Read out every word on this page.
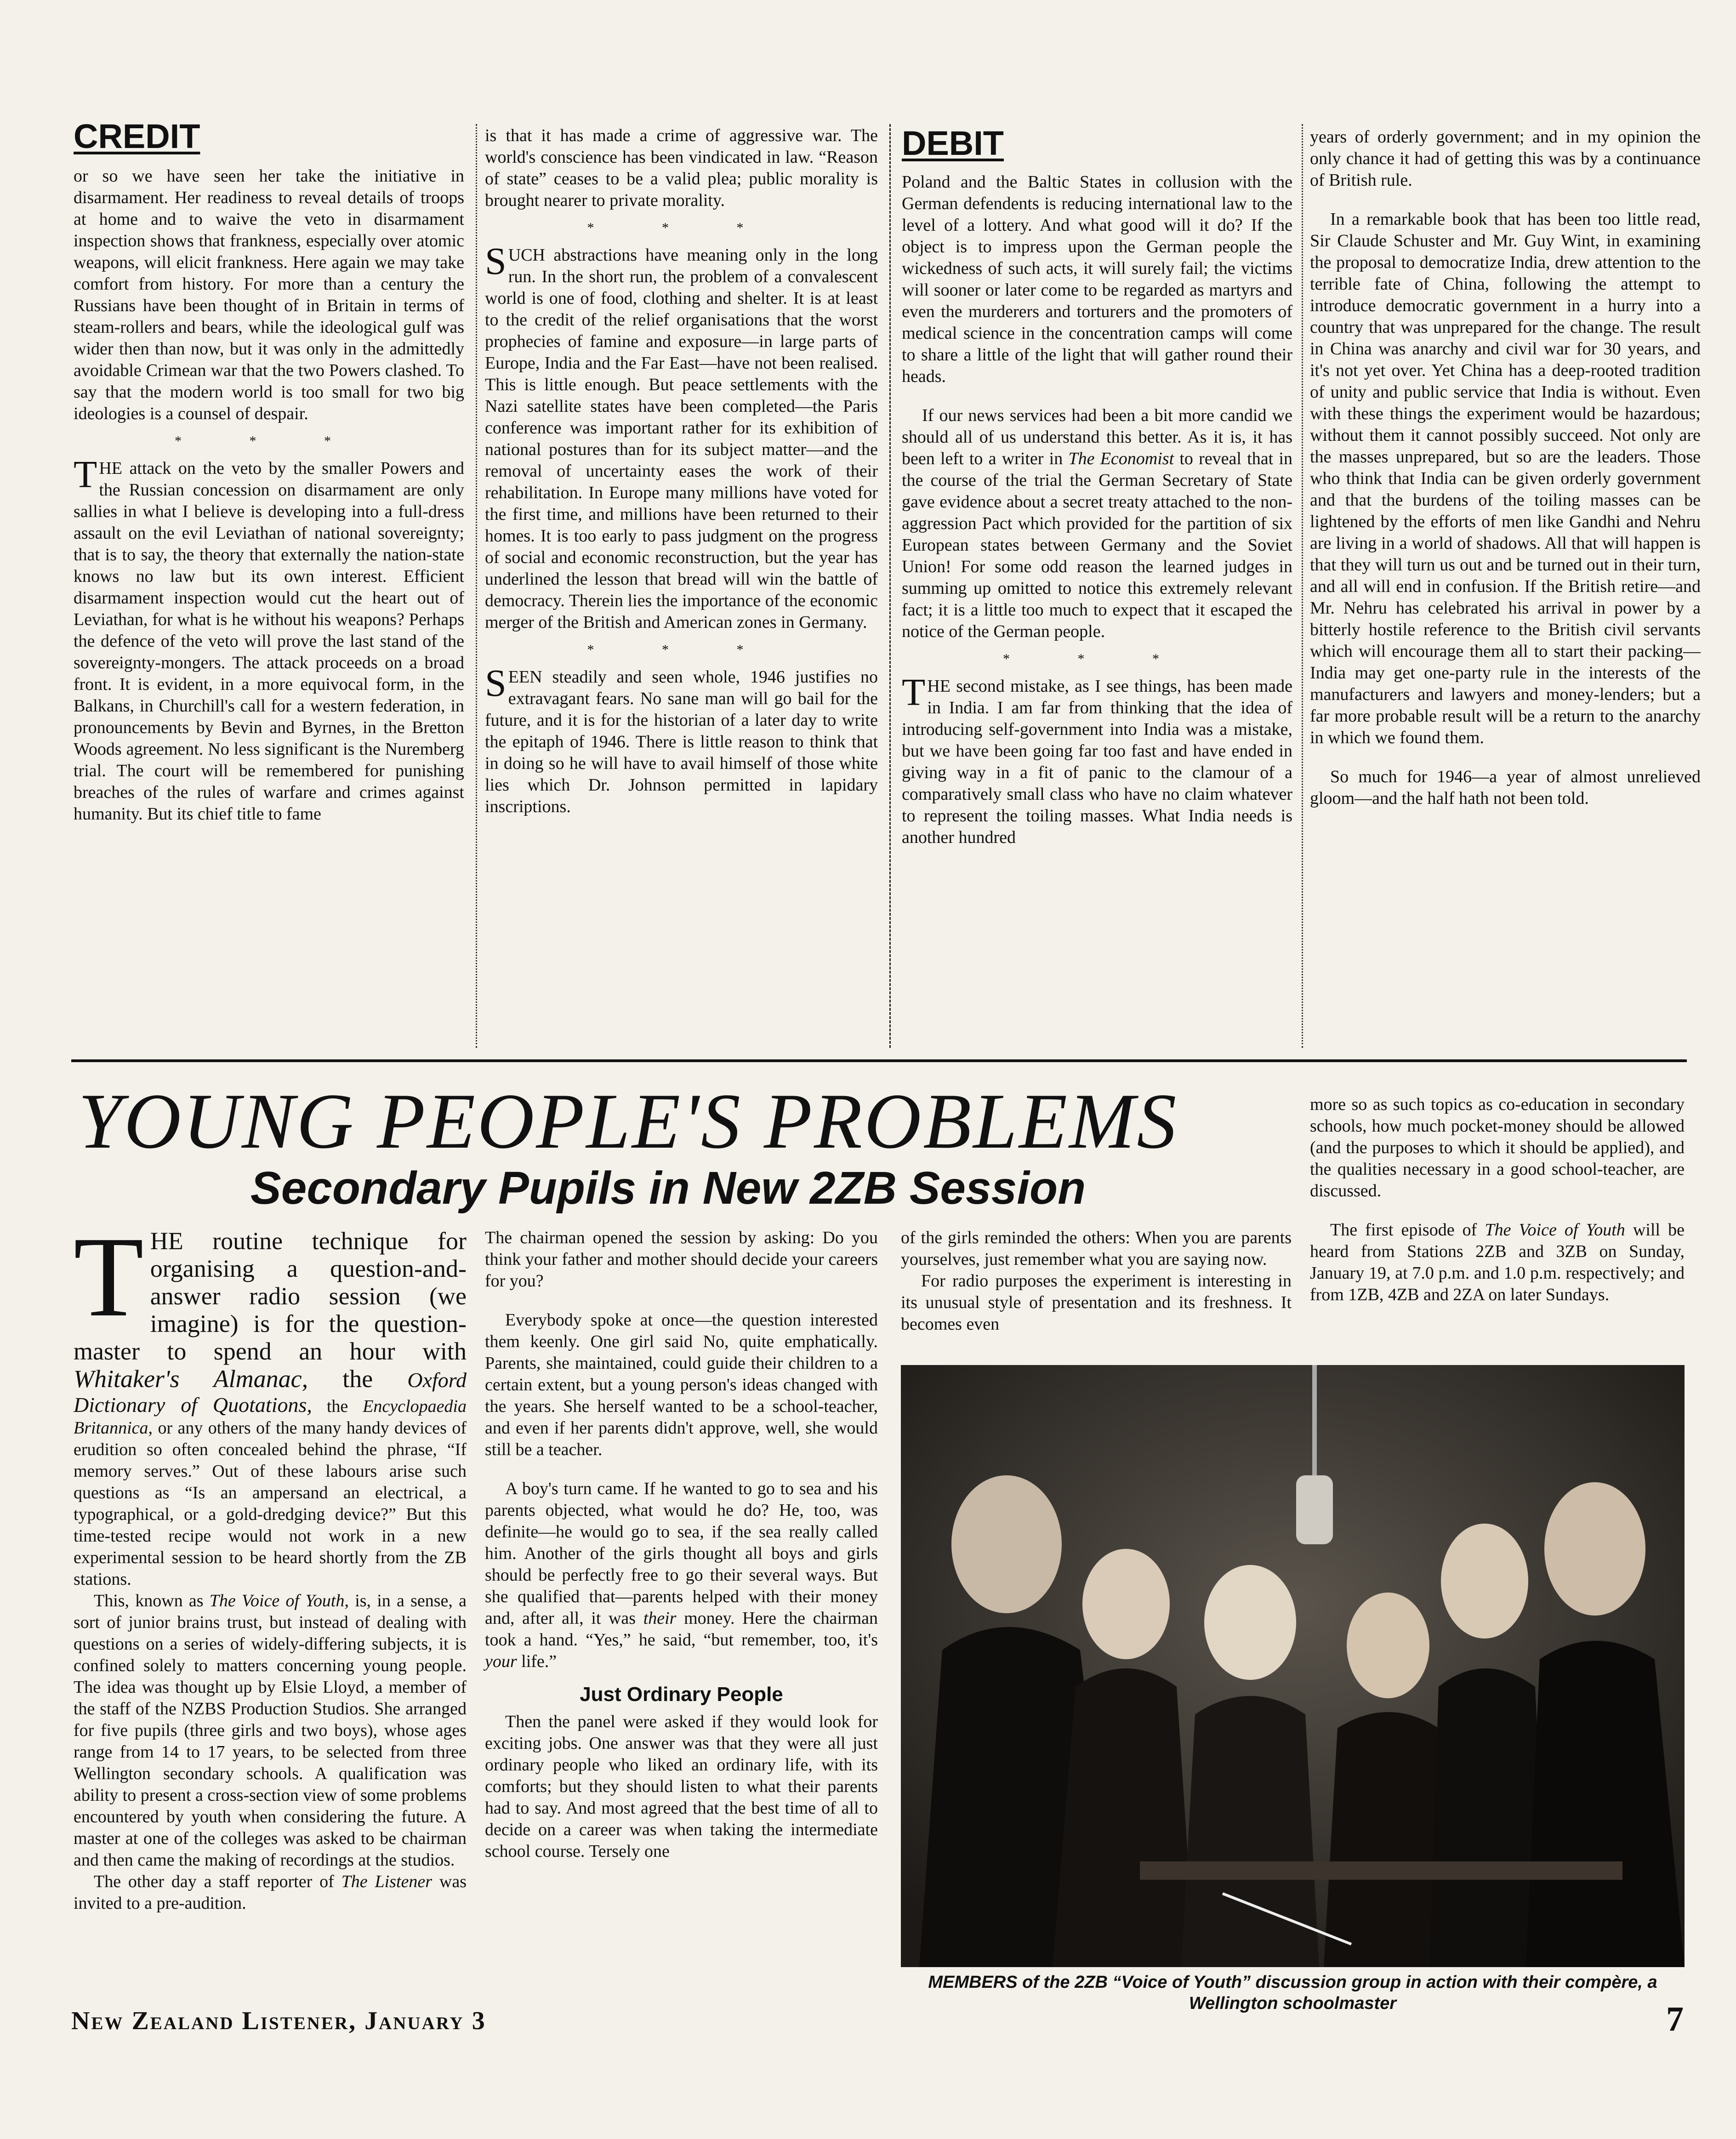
CREDIT

or so we have seen her take the initiative in disarmament. Her readiness to reveal details of troops at home and to waive the veto in disarmament inspection shows that frankness, especially over atomic weapons, will elicit frankness. Here again we may take comfort from history. For more than a century the Russians have been thought of in Britain in terms of steam-rollers and bears, while the ideological gulf was wider then than now, but it was only in the admittedly avoidable Crimean war that the two Powers clashed. To say that the modern world is too small for two big ideologies is a counsel of despair.

* * *

THE attack on the veto by the smaller Powers and the Russian concession on disarmament are only sallies in what I believe is developing into a full-dress assault on the evil Leviathan of national sovereignty; that is to say, the theory that externally the nation-state knows no law but its own interest. Efficient disarmament inspection would cut the heart out of Leviathan, for what is he without his weapons? Perhaps the defence of the veto will prove the last stand of the sovereignty-mongers. The attack proceeds on a broad front. It is evident, in a more equivocal form, in the Balkans, in Churchill's call for a western federation, in pronouncements by Bevin and Byrnes, in the Bretton Woods agreement. No less significant is the Nuremberg trial. The court will be remembered for punishing breaches of the rules of warfare and crimes against humanity. But its chief title to fame

is that it has made a crime of aggressive war. The world's conscience has been vindicated in law. “Reason of state” ceases to be a valid plea; public morality is brought nearer to private morality.

* * *

SUCH abstractions have meaning only in the long run. In the short run, the problem of a convalescent world is one of food, clothing and shelter. It is at least to the credit of the relief organisations that the worst prophecies of famine and exposure—in large parts of Europe, India and the Far East—have not been realised. This is little enough. But peace settlements with the Nazi satellite states have been completed—the Paris conference was important rather for its exhibition of national postures than for its subject matter—and the removal of uncertainty eases the work of their rehabilitation. In Europe many millions have voted for the first time, and millions have been returned to their homes. It is too early to pass judgment on the progress of social and economic reconstruction, but the year has underlined the lesson that bread will win the battle of democracy. Therein lies the importance of the economic merger of the British and American zones in Germany.

* * *

SEEN steadily and seen whole, 1946 justifies no extravagant fears. No sane man will go bail for the future, and it is for the historian of a later day to write the epitaph of 1946. There is little reason to think that in doing so he will have to avail himself of those white lies which Dr. Johnson permitted in lapidary inscriptions.

DEBIT

Poland and the Baltic States in collusion with the German defendents is reducing international law to the level of a lottery. And what good will it do? If the object is to impress upon the German people the wickedness of such acts, it will surely fail; the victims will sooner or later come to be regarded as martyrs and even the murderers and torturers and the promoters of medical science in the concentration camps will come to share a little of the light that will gather round their heads.

If our news services had been a bit more candid we should all of us understand this better. As it is, it has been left to a writer in The Economist to reveal that in the course of the trial the German Secretary of State gave evidence about a secret treaty attached to the non-aggression Pact which provided for the partition of six European states between Germany and the Soviet Union! For some odd reason the learned judges in summing up omitted to notice this extremely relevant fact; it is a little too much to expect that it escaped the notice of the German people.

* * *

THE second mistake, as I see things, has been made in India. I am far from thinking that the idea of introducing self-government into India was a mistake, but we have been going far too fast and have ended in giving way in a fit of panic to the clamour of a comparatively small class who have no claim whatever to represent the toiling masses. What India needs is another hundred

years of orderly government; and in my opinion the only chance it had of getting this was by a continuance of British rule.

In a remarkable book that has been too little read, Sir Claude Schuster and Mr. Guy Wint, in examining the proposal to democratize India, drew attention to the terrible fate of China, following the attempt to introduce democratic government in a hurry into a country that was unprepared for the change. The result in China was anarchy and civil war for 30 years, and it's not yet over. Yet China has a deep-rooted tradition of unity and public service that India is without. Even with these things the experiment would be hazardous; without them it cannot possibly succeed. Not only are the masses unprepared, but so are the leaders. Those who think that India can be given orderly government and that the burdens of the toiling masses can be lightened by the efforts of men like Gandhi and Nehru are living in a world of shadows. All that will happen is that they will turn us out and be turned out in their turn, and all will end in confusion. If the British retire—and Mr. Nehru has celebrated his arrival in power by a bitterly hostile reference to the British civil servants which will encourage them all to start their packing—India may get one-party rule in the interests of the manufacturers and lawyers and money-lenders; but a far more probable result will be a return to the anarchy in which we found them.

So much for 1946—a year of almost unrelieved gloom—and the half hath not been told.

YOUNG PEOPLE'S PROBLEMS
Secondary Pupils in New 2ZB Session

more so as such topics as co-education in secondary schools, how much pocket-money should be allowed (and the purposes to which it should be applied), and the qualities necessary in a good school-teacher, are discussed.

The first episode of The Voice of Youth will be heard from Stations 2ZB and 3ZB on Sunday, January 19, at 7.0 p.m. and 1.0 p.m. respectively; and from 1ZB, 4ZB and 2ZA on later Sundays.

THE routine technique for organising a question-and-answer radio session (we imagine) is for the question-master to spend an hour with Whitaker's Almanac, the Oxford Dictionary of Quotations, the Encyclopaedia Britannica, or any others of the many handy devices of erudition so often concealed behind the phrase, “If memory serves.” Out of these labours arise such questions as “Is an ampersand an electrical, a typographical, or a gold-dredging device?” But this time-tested recipe would not work in a new experimental session to be heard shortly from the ZB stations.

This, known as The Voice of Youth, is, in a sense, a sort of junior brains trust, but instead of dealing with questions on a series of widely-differing subjects, it is confined solely to matters concerning young people. The idea was thought up by Elsie Lloyd, a member of the staff of the NZBS Production Studios. She arranged for five pupils (three girls and two boys), whose ages range from 14 to 17 years, to be selected from three Wellington secondary schools. A qualification was ability to present a cross-section view of some problems encountered by youth when considering the future. A master at one of the colleges was asked to be chairman and then came the making of recordings at the studios.

The other day a staff reporter of The Listener was invited to a pre-audition.

The chairman opened the session by asking: Do you think your father and mother should decide your careers for you?

Everybody spoke at once—the question interested them keenly. One girl said No, quite emphatically. Parents, she maintained, could guide their children to a certain extent, but a young person's ideas changed with the years. She herself wanted to be a school-teacher, and even if her parents didn't approve, well, she would still be a teacher.

A boy's turn came. If he wanted to go to sea and his parents objected, what would he do? He, too, was definite—he would go to sea, if the sea really called him. Another of the girls thought all boys and girls should be perfectly free to go their several ways. But she qualified that—parents helped with their money and, after all, it was their money. Here the chairman took a hand. “Yes,” he said, “but remember, too, it's your life.”

Just Ordinary People

Then the panel were asked if they would look for exciting jobs. One answer was that they were all just ordinary people who liked an ordinary life, with its comforts; but they should listen to what their parents had to say. And most agreed that the best time of all to decide on a career was when taking the intermediate school course. Tersely one

of the girls reminded the others: When you are parents yourselves, just remember what you are saying now.

For radio purposes the experiment is interesting in its unusual style of presentation and its freshness. It becomes even

MEMBERS of the 2ZB “Voice of Youth” discussion group in action with their compère, a Wellington schoolmaster
New Zealand Listener, January 3	7
